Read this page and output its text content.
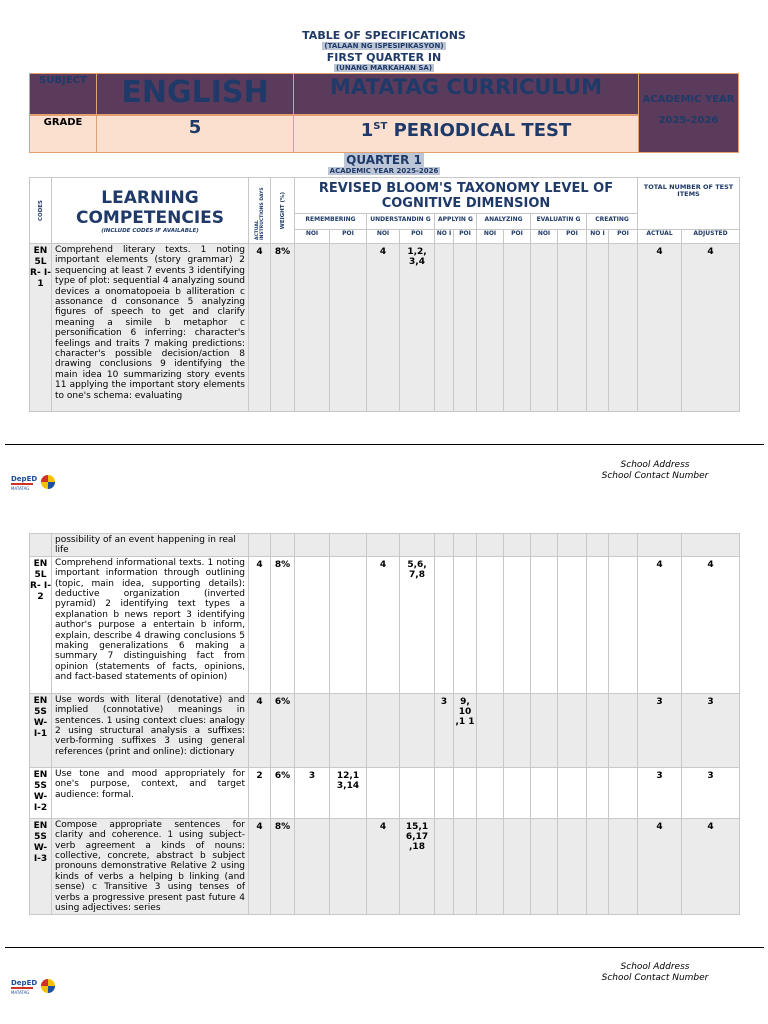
TABLE OF SPECIFICATIONS
(TALAAN NG ISPESIPIKASYON)
FIRST QUARTER IN
(UNANG MARKAHAN SA)
SUBJECT	ENGLISH	MATATAG CURRICULUM
GRADE	5	1ST PERIODICAL TEST
ACADEMIC YEAR
2025-2026
QUARTER 1
ACADEMIC YEAR 2025-2026
CODES	LEARNING COMPETENCIES
(INCLUDE CODES IF AVAILABLE)	ACTUAL INSTRUCTIONS DAYS	WEIGHT (%)	REVISED BLOOM'S TAXONOMY LEVEL OF COGNITIVE DIMENSION												TOTAL NUMBER OF TEST ITEMS	

				REMEMBERING		UNDERSTANDIN G		APPLYIN G		ANALYZING		EVALUATIN G		CREATING			
				NOI	POI	NOI	POI	NO I	POI	NOI	POI	NOI	POI	NO I	POI	ACTUAL	ADJUSTED
EN 5L R- I-1	Comprehend literary texts. 1 noting important elements (story grammar) 2 sequencing at least 7 events 3 identifying type of plot: sequential 4 analyzing sound devices a onomatopoeia b alliteration c assonance d consonance 5 analyzing figures of speech to get and clarify meaning a simile b metaphor c personification 6 inferring: character's feelings and traits 7 making predictions: character's possible decision/action 8 drawing conclusions 9 identifying the main idea 10 summarizing story events 11 applying the important story elements to one's schema: evaluating	4	8%			4	1,2, 3,4									4	4
DepED
MATATAG
School Address
School Contact Number
	possibility of an event happening in real life																
EN 5L R- I-2	Comprehend informational texts. 1 noting important information through outlining (topic, main idea, supporting details): deductive organization (inverted pyramid) 2 identifying text types a explanation b news report 3 identifying author's purpose a entertain b inform, explain, describe 4 drawing conclusions 5 making generalizations 6 making a summary 7 distinguishing fact from opinion (statements of facts, opinions, and fact-based statements of opinion)	4	8%			4	5,6, 7,8									4	4
EN 5S W- I-1	Use words with literal (denotative) and implied (connotative) meanings in sentences. 1 using context clues: analogy 2 using structural analysis a suffixes: verb-forming suffixes 3 using general references (print and online): dictionary	4	6%					3	9, 10 ,1 1							3	3
EN 5S W- I-2	Use tone and mood appropriately for one's purpose, context, and target audience: formal.	2	6%	3	12,1 3,14											3	3
EN 5S W- I-3	Compose appropriate sentences for clarity and coherence. 1 using subject-verb agreement a kinds of nouns: collective, concrete, abstract b subject pronouns demonstrative Relative 2 using kinds of verbs a helping b linking (and sense) c Transitive 3 using tenses of verbs a progressive present past future 4 using adjectives: series	4	8%			4	15,1 6,17 ,18									4	4
DepED
MATATAG
School Address
School Contact Number
